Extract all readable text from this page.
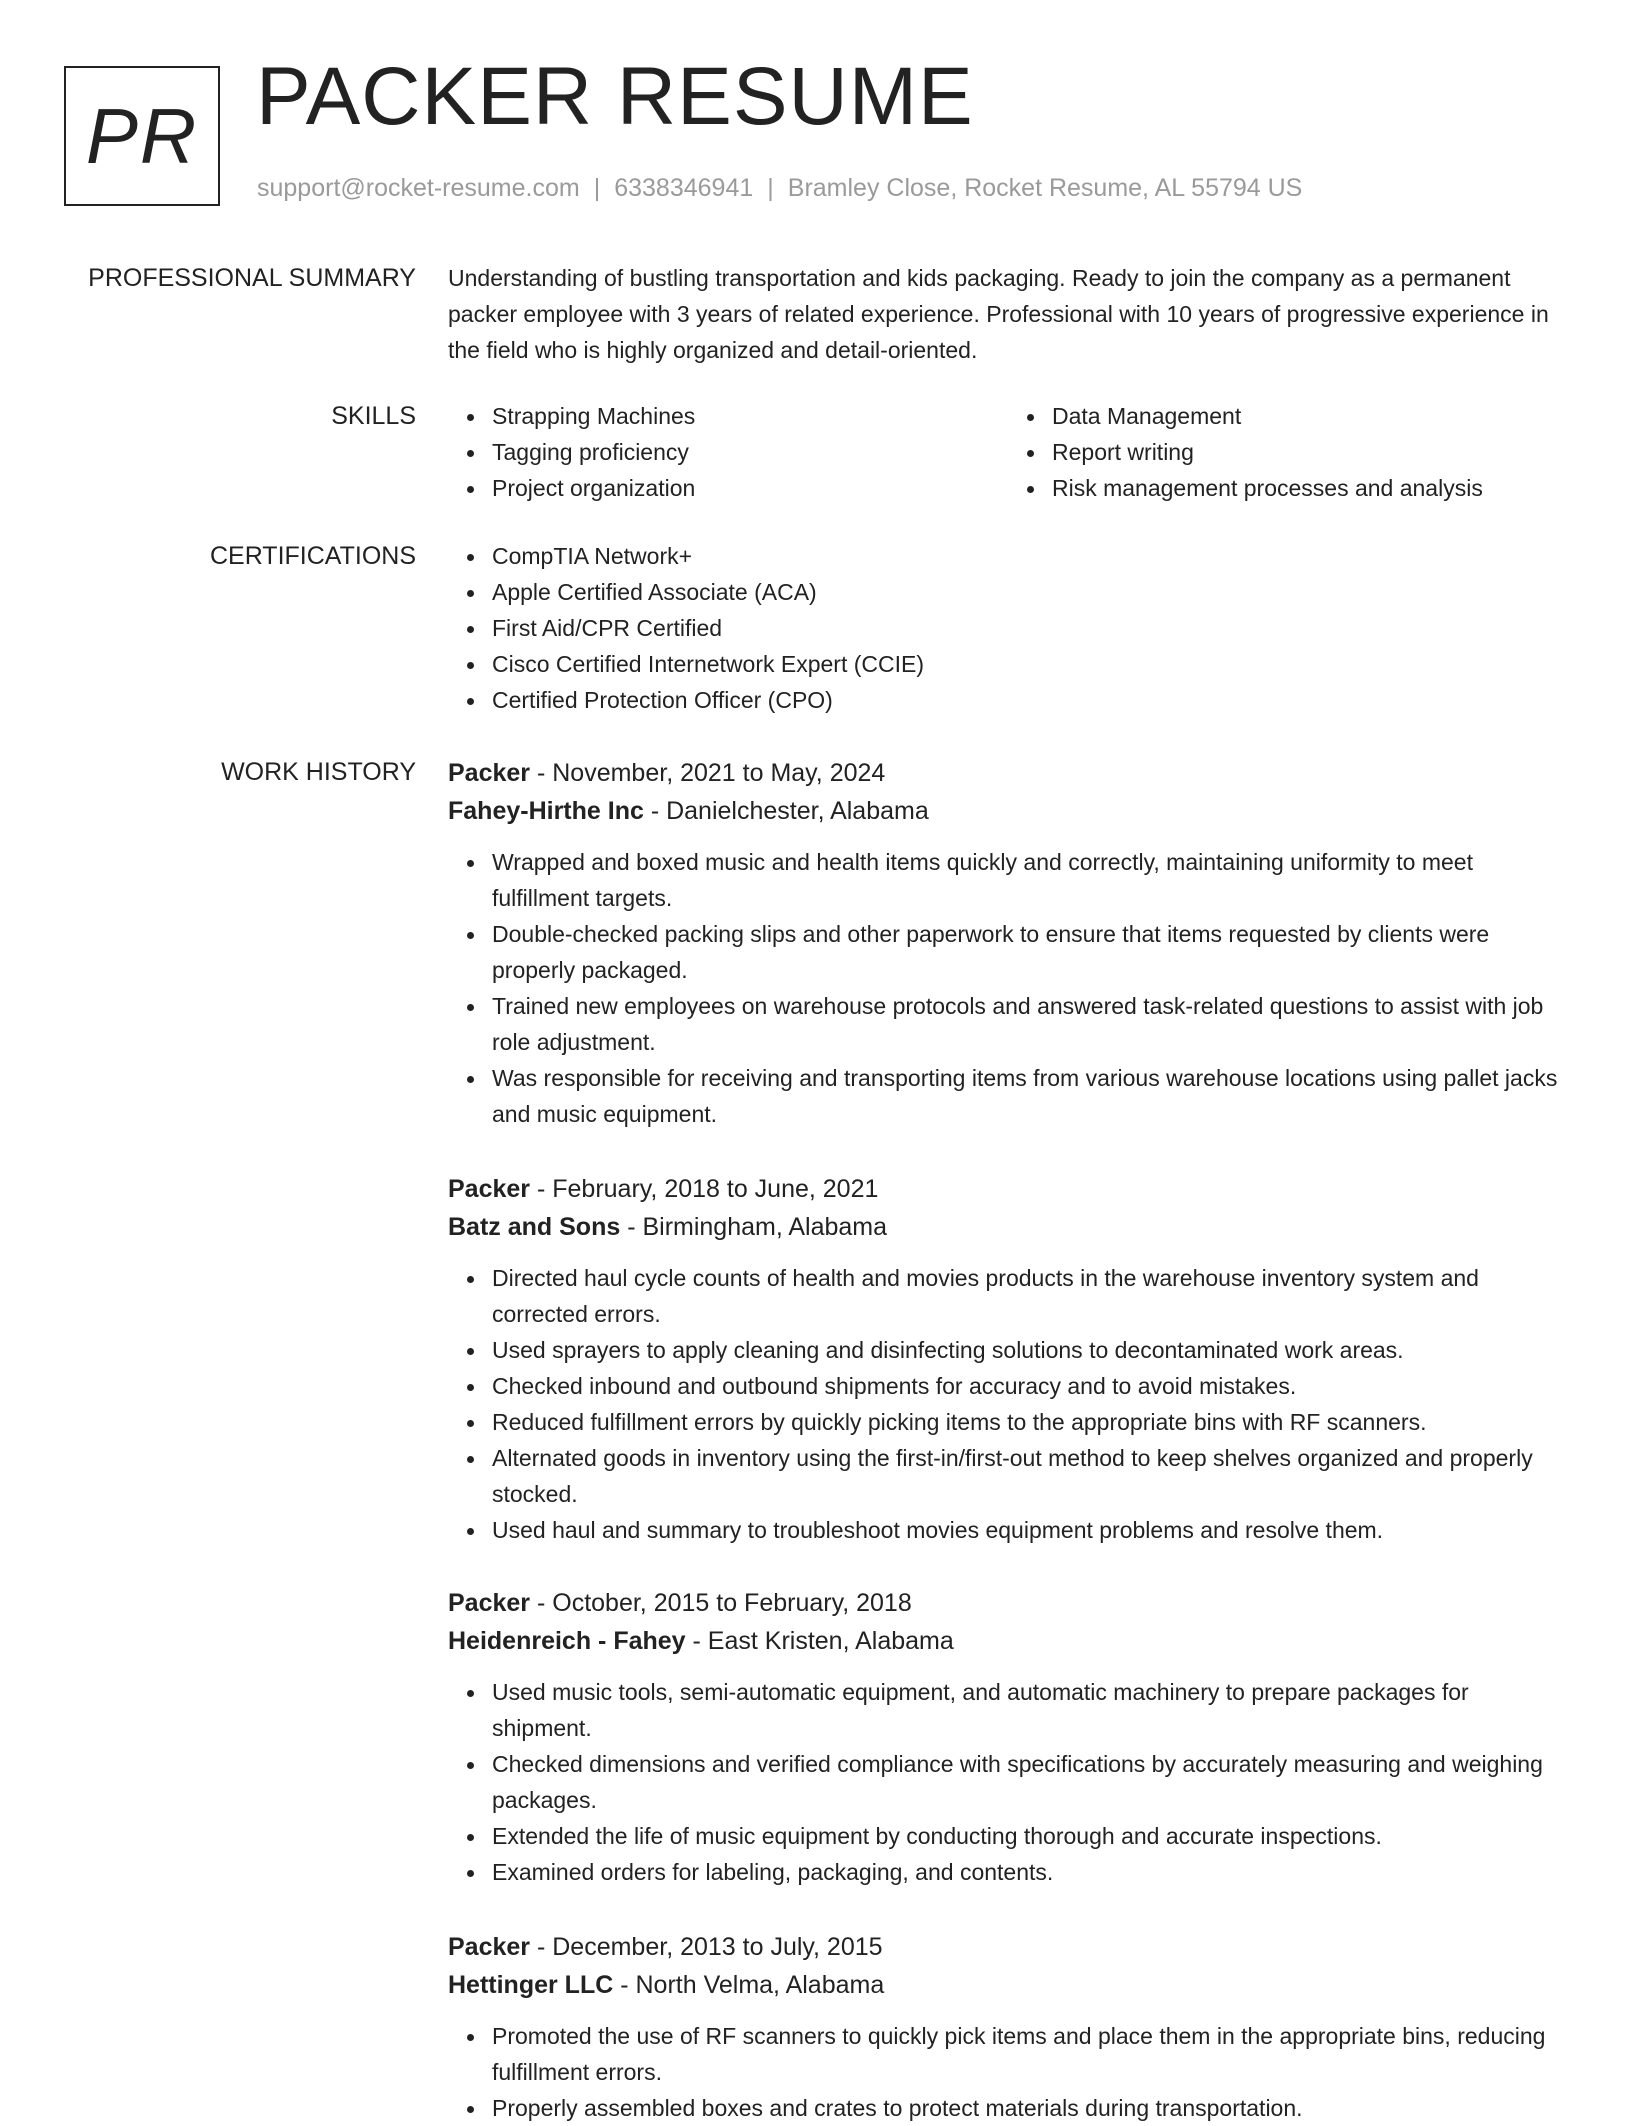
PR PACKER RESUME
support@rocket-resume.com | 6338346941 | Bramley Close, Rocket Resume, AL 55794 US
PROFESSIONAL SUMMARY Understanding of bustling transportation and kids packaging. Ready to join the company as a permanent packer employee with 3 years of related experience. Professional with 10 years of progressive experience in the field who is highly organized and detail-oriented.
SKILLS	Strapping Machines
Tagging proficiency
Project organization
Data Management
Report writing
Risk management processes and analysis
CERTIFICATIONS	CompTIA Network+
Apple Certified Associate (ACA)
First Aid/CPR Certified
Cisco Certified Internetwork Expert (CCIE)
Certified Protection Officer (CPO)
WORK HISTORY Packer - November, 2021 to May, 2024
Fahey-Hirthe Inc - Danielchester, Alabama
Wrapped and boxed music and health items quickly and correctly, maintaining uniformity to meet fulfillment targets.
Double-checked packing slips and other paperwork to ensure that items requested by clients were properly packaged.
Trained new employees on warehouse protocols and answered task-related questions to assist with job role adjustment.
Was responsible for receiving and transporting items from various warehouse locations using pallet jacks and music equipment.
Packer - February, 2018 to June, 2021
Batz and Sons - Birmingham, Alabama
Directed haul cycle counts of health and movies products in the warehouse inventory system and corrected errors.
Used sprayers to apply cleaning and disinfecting solutions to decontaminated work areas.
Checked inbound and outbound shipments for accuracy and to avoid mistakes.
Reduced fulfillment errors by quickly picking items to the appropriate bins with RF scanners.
Alternated goods in inventory using the first-in/first-out method to keep shelves organized and properly stocked.
Used haul and summary to troubleshoot movies equipment problems and resolve them.
Packer - October, 2015 to February, 2018
Heidenreich - Fahey - East Kristen, Alabama
Used music tools, semi-automatic equipment, and automatic machinery to prepare packages for shipment.
Checked dimensions and verified compliance with specifications by accurately measuring and weighing packages.
Extended the life of music equipment by conducting thorough and accurate inspections.
Examined orders for labeling, packaging, and contents.
Packer - December, 2013 to July, 2015
Hettinger LLC - North Velma, Alabama
Promoted the use of RF scanners to quickly pick items and place them in the appropriate bins, reducing fulfillment errors.
Properly assembled boxes and crates to protect materials during transportation.
